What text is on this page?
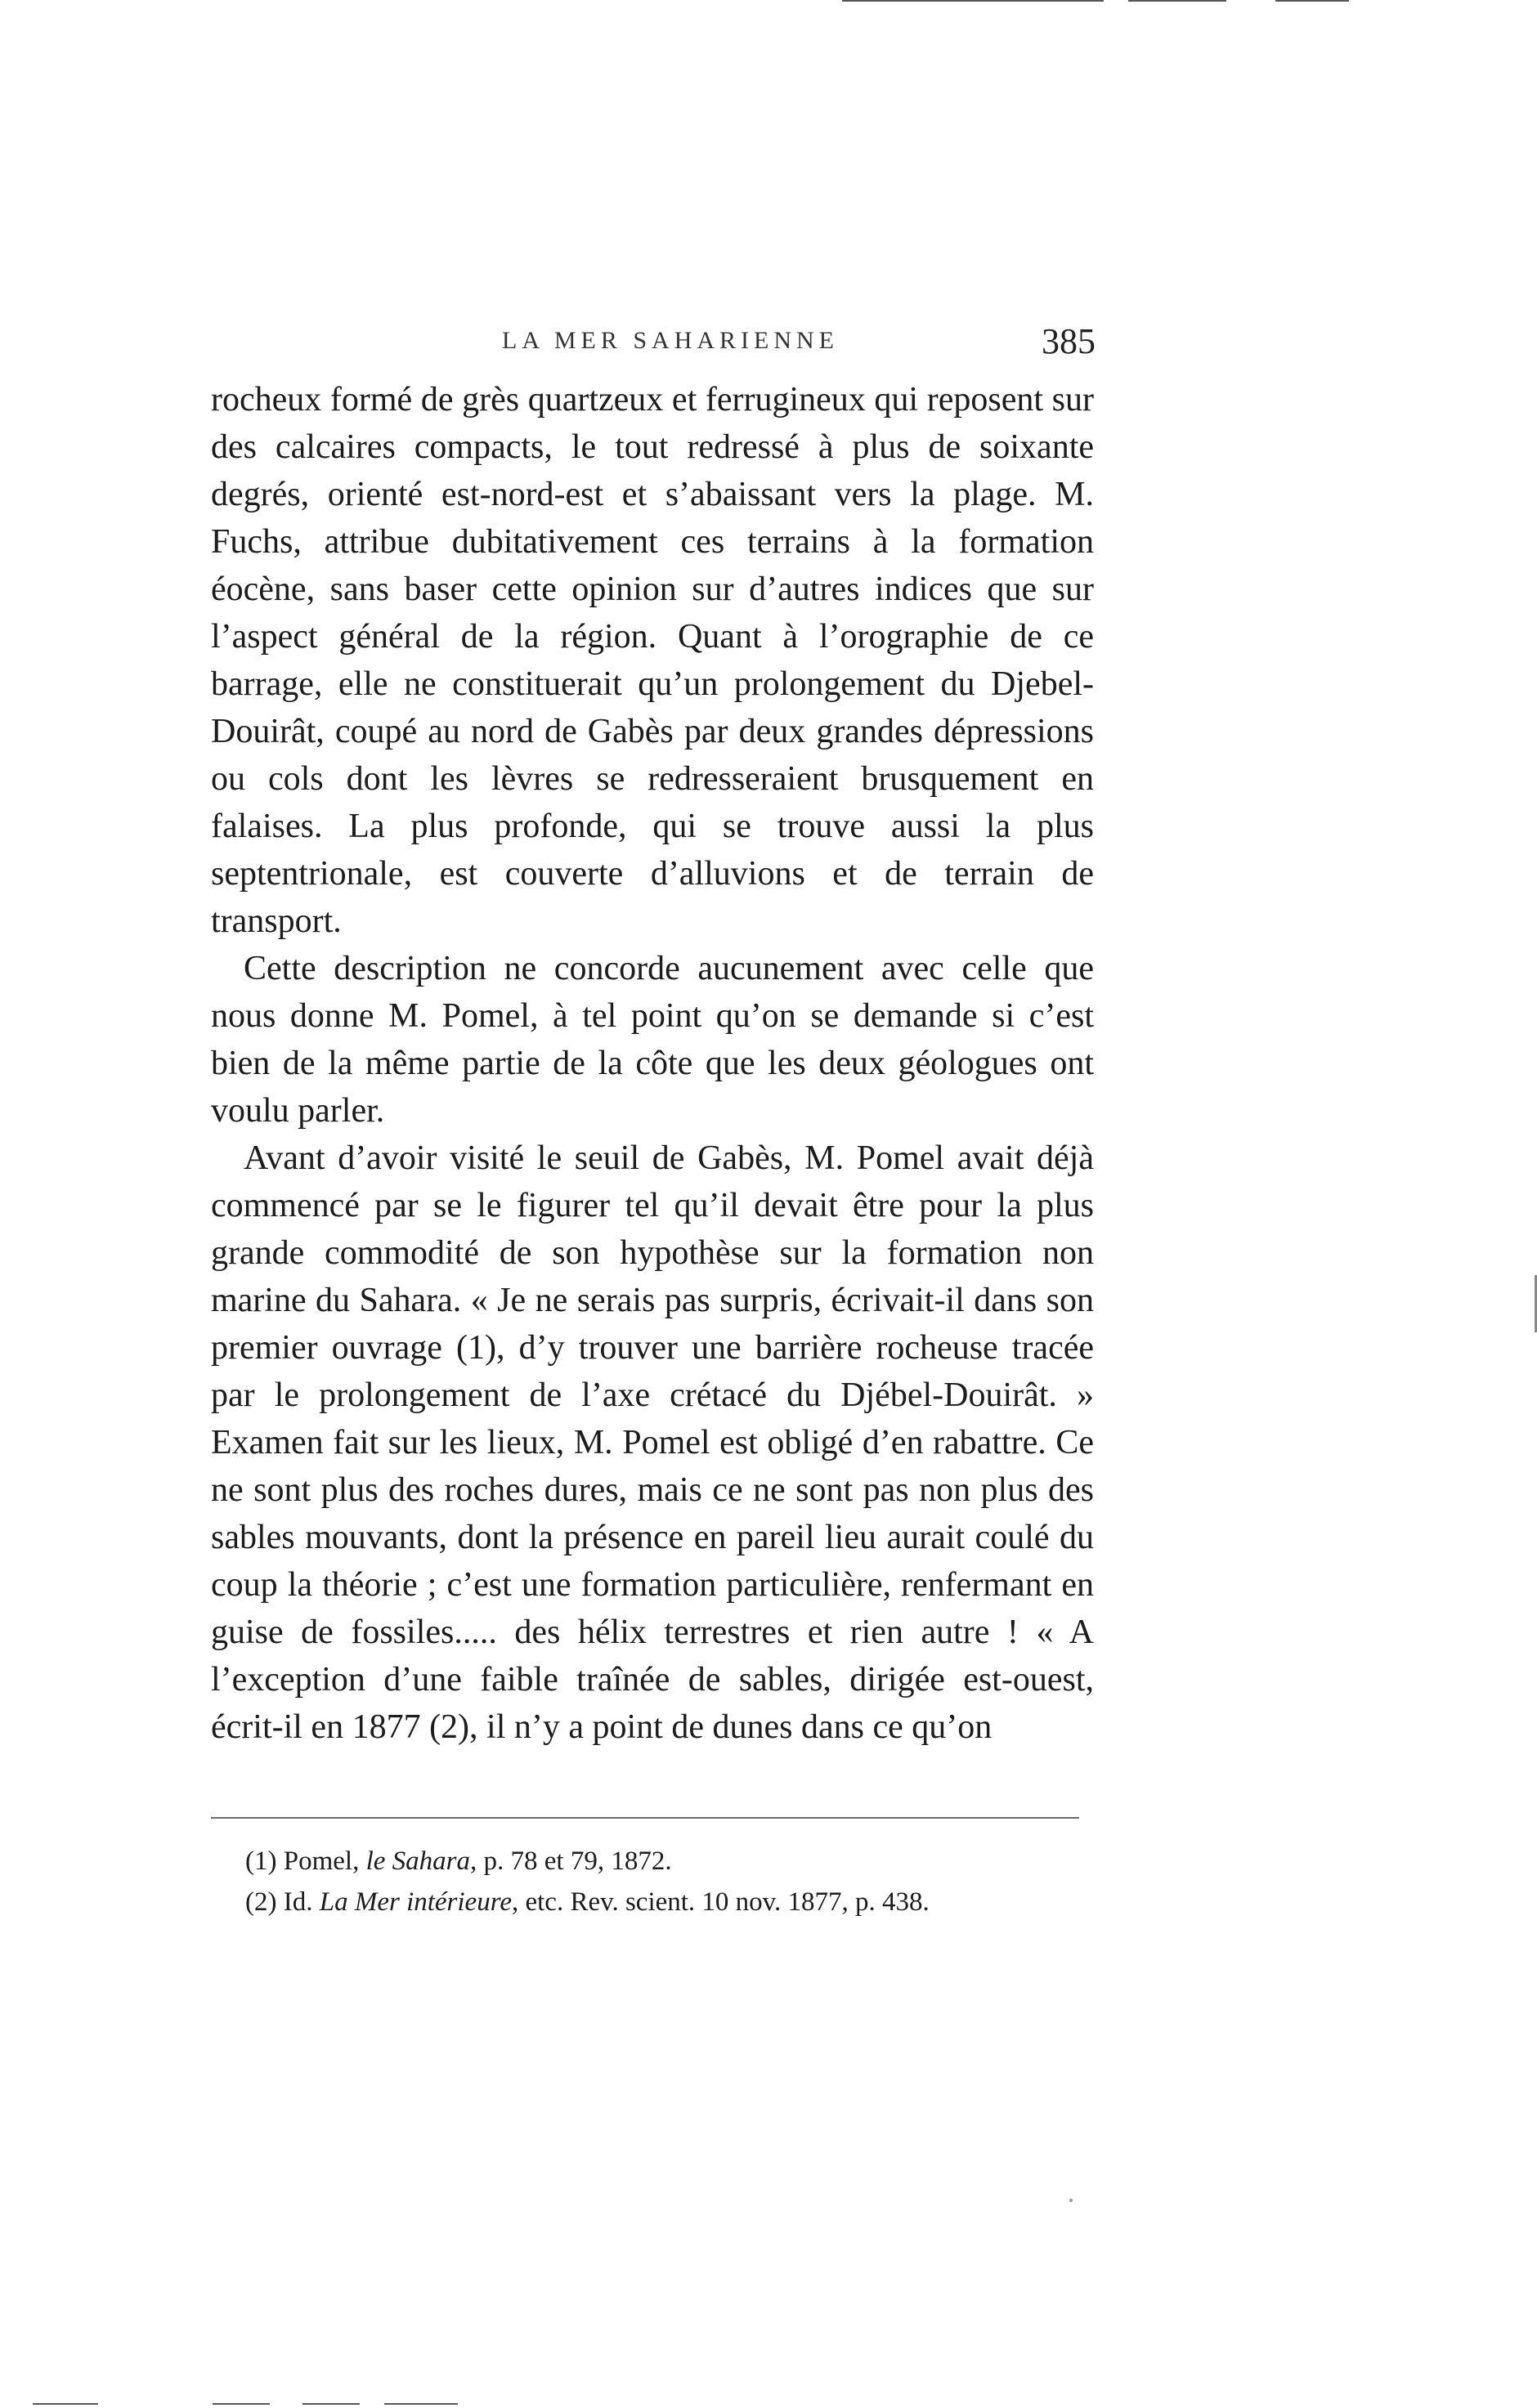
LA MER SAHARIENNE	385

rocheux formé de grès quartzeux et ferrugineux qui reposent sur des calcaires compacts, le tout redressé à plus de soixante degrés, orienté est-nord-est et s’abaissant vers la plage. M. Fuchs, attribue dubitativement ces terrains à la formation éocène, sans baser cette opinion sur d’autres indices que sur l’aspect général de la région. Quant à l’orographie de ce barrage, elle ne constituerait qu’un prolongement du Djebel-Douirât, coupé au nord de Gabès par deux grandes dépressions ou cols dont les lèvres se redresseraient brusquement en falaises. La plus profonde, qui se trouve aussi la plus septentrionale, est couverte d’alluvions et de terrain de transport.

Cette description ne concorde aucunement avec celle que nous donne M. Pomel, à tel point qu’on se demande si c’est bien de la même partie de la côte que les deux géologues ont voulu parler.

Avant d’avoir visité le seuil de Gabès, M. Pomel avait déjà commencé par se le figurer tel qu’il devait être pour la plus grande commodité de son hypothèse sur la formation non marine du Sahara. « Je ne serais pas surpris, écrivait-il dans son premier ouvrage (1), d’y trouver une barrière rocheuse tracée par le prolongement de l’axe crétacé du Djébel-Douirât. » Examen fait sur les lieux, M. Pomel est obligé d’en rabattre. Ce ne sont plus des roches dures, mais ce ne sont pas non plus des sables mouvants, dont la présence en pareil lieu aurait coulé du coup la théorie ; c’est une formation particulière, renfermant en guise de fossiles..... des hélix terrestres et rien autre ! « A l’exception d’une faible traînée de sables, dirigée est-ouest, écrit-il en 1877 (2), il n’y a point de dunes dans ce qu’on

(1) Pomel, le Sahara, p. 78 et 79, 1872.

(2) Id. La Mer intérieure, etc. Rev. scient. 10 nov. 1877, p. 438.
